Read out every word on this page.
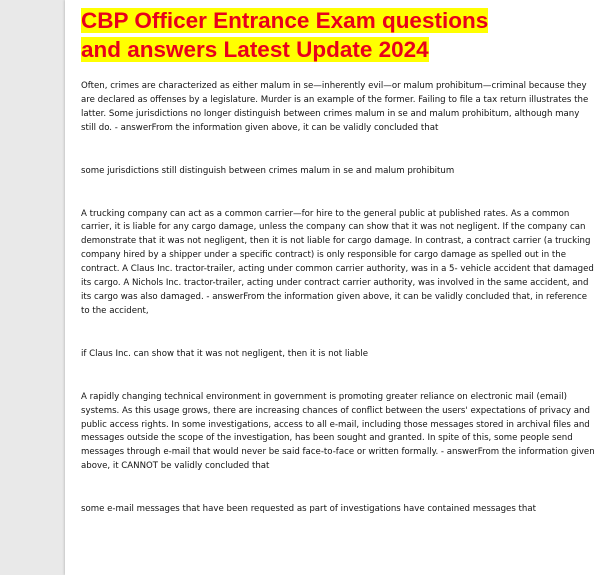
CBP Officer Entrance Exam questions and answers Latest Update 2024

Often, crimes are characterized as either malum in se—inherently evil—or malum prohibitum—criminal because they are declared as offenses by a legislature. Murder is an example of the former. Failing to file a tax return illustrates the latter. Some jurisdictions no longer distinguish between crimes malum in se and malum prohibitum, although many still do. - answerFrom the information given above, it can be validly concluded that

some jurisdictions still distinguish between crimes malum in se and malum prohibitum

A trucking company can act as a common carrier—for hire to the general public at published rates. As a common carrier, it is liable for any cargo damage, unless the company can show that it was not negligent. If the company can demonstrate that it was not negligent, then it is not liable for cargo damage. In contrast, a contract carrier (a trucking company hired by a shipper under a specific contract) is only responsible for cargo damage as spelled out in the contract. A Claus Inc. tractor-trailer, acting under common carrier authority, was in a 5- vehicle accident that damaged its cargo. A Nichols Inc. tractor-trailer, acting under contract carrier authority, was involved in the same accident, and its cargo was also damaged. - answerFrom the information given above, it can be validly concluded that, in reference to the accident,

if Claus Inc. can show that it was not negligent, then it is not liable

A rapidly changing technical environment in government is promoting greater reliance on electronic mail (email) systems. As this usage grows, there are increasing chances of conflict between the users' expectations of privacy and public access rights. In some investigations, access to all e-mail, including those messages stored in archival files and messages outside the scope of the investigation, has been sought and granted. In spite of this, some people send messages through e-mail that would never be said face-to-face or written formally. - answerFrom the information given above, it CANNOT be validly concluded that

some e-mail messages that have been requested as part of investigations have contained messages that
